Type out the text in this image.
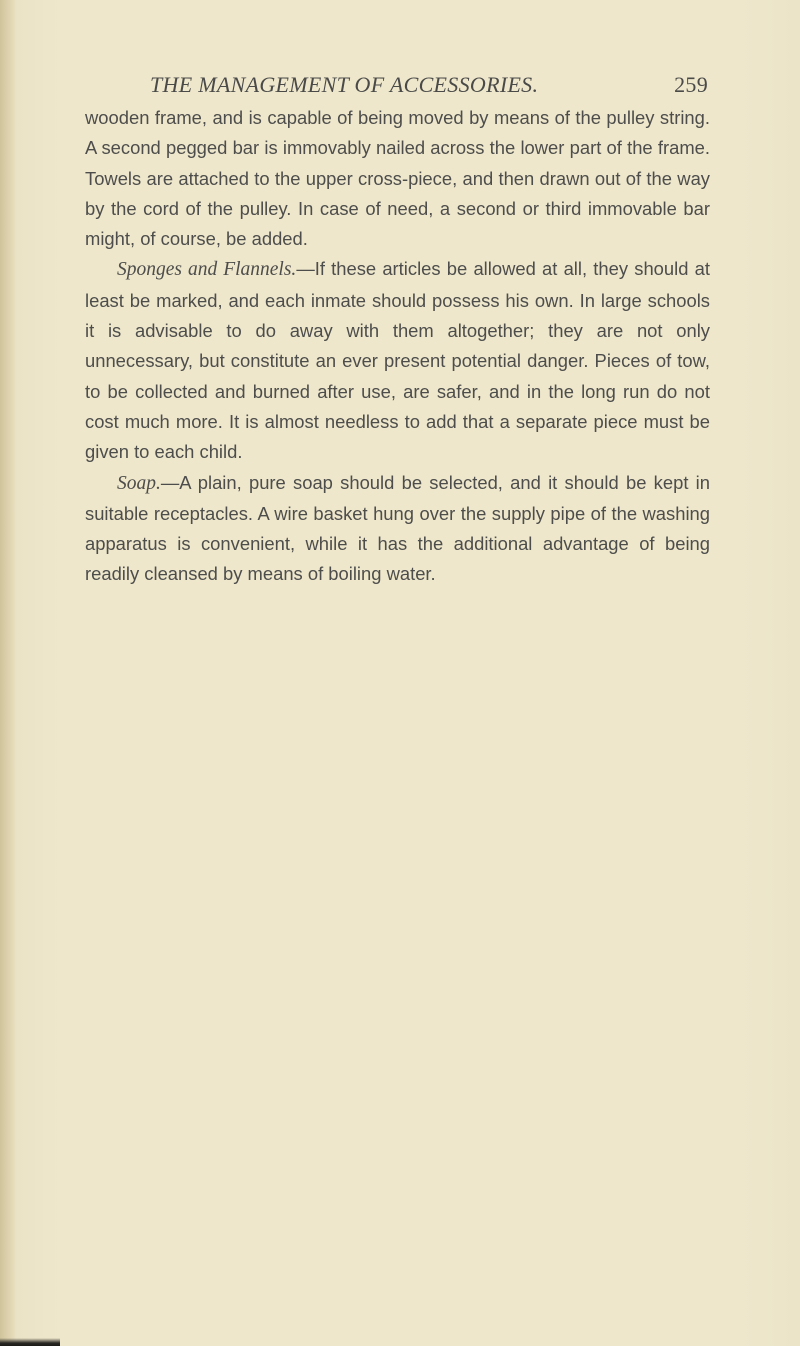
THE MANAGEMENT OF ACCESSORIES.	259

wooden frame, and is capable of being moved by means of the pulley string. A second pegged bar is immovably nailed across the lower part of the frame. Towels are attached to the upper cross-piece, and then drawn out of the way by the cord of the pulley. In case of need, a second or third immovable bar might, of course, be added.

Sponges and Flannels.—If these articles be allowed at all, they should at least be marked, and each inmate should possess his own. In large schools it is advisable to do away with them altogether; they are not only unnecessary, but constitute an ever present potential danger. Pieces of tow, to be collected and burned after use, are safer, and in the long run do not cost much more. It is almost needless to add that a separate piece must be given to each child.

Soap.—A plain, pure soap should be selected, and it should be kept in suitable receptacles. A wire basket hung over the supply pipe of the washing apparatus is convenient, while it has the additional advantage of being readily cleansed by means of boiling water.
